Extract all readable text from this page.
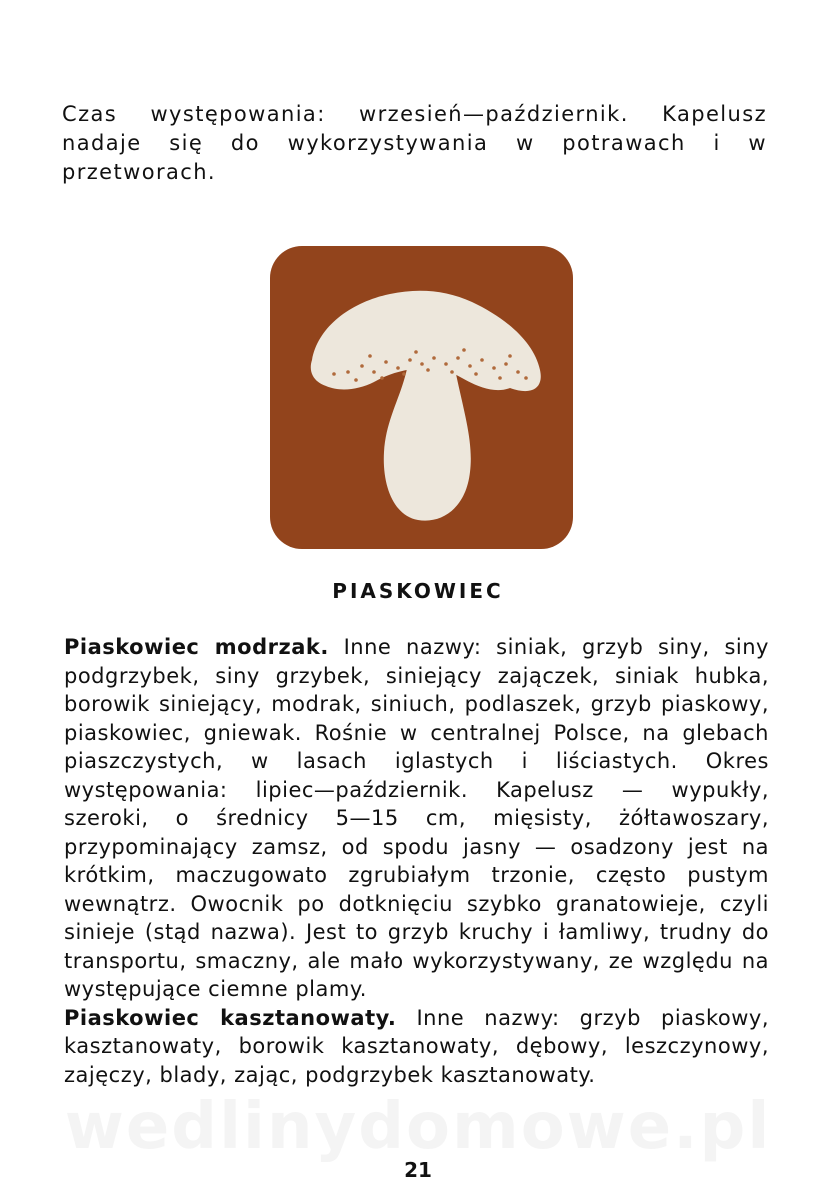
Czas występowania: wrzesień—październik. Kapelusz nadaje się do wykorzystywania w potrawach i w przetworach.

PIASKOWIEC

Piaskowiec modrzak. Inne nazwy: siniak, grzyb siny, siny podgrzybek, siny grzybek, siniejący zajączek, siniak hubka, borowik siniejący, modrak, siniuch, podlaszek, grzyb piaskowy, piaskowiec, gniewak. Rośnie w centralnej Polsce, na glebach piaszczystych, w lasach iglastych i liściastych. Okres występowania: lipiec—październik. Kapelusz — wypukły, szeroki, o średnicy 5—15 cm, mięsisty, żółtawoszary, przypominający zamsz, od spodu jasny — osadzony jest na krótkim, maczugowato zgrubiałym trzonie, często pustym wewnątrz. Owocnik po dotknięciu szybko granatowieje, czyli sinieje (stąd nazwa). Jest to grzyb kruchy i łamliwy, trudny do transportu, smaczny, ale mało wykorzystywany, ze względu na występujące ciemne plamy.

Piaskowiec kasztanowaty. Inne nazwy: grzyb piaskowy, kasztanowaty, borowik kasztanowaty, dębowy, leszczynowy, zajęczy, blady, zając, podgrzybek kasztanowaty.

wedlinydomowe.pl

21
